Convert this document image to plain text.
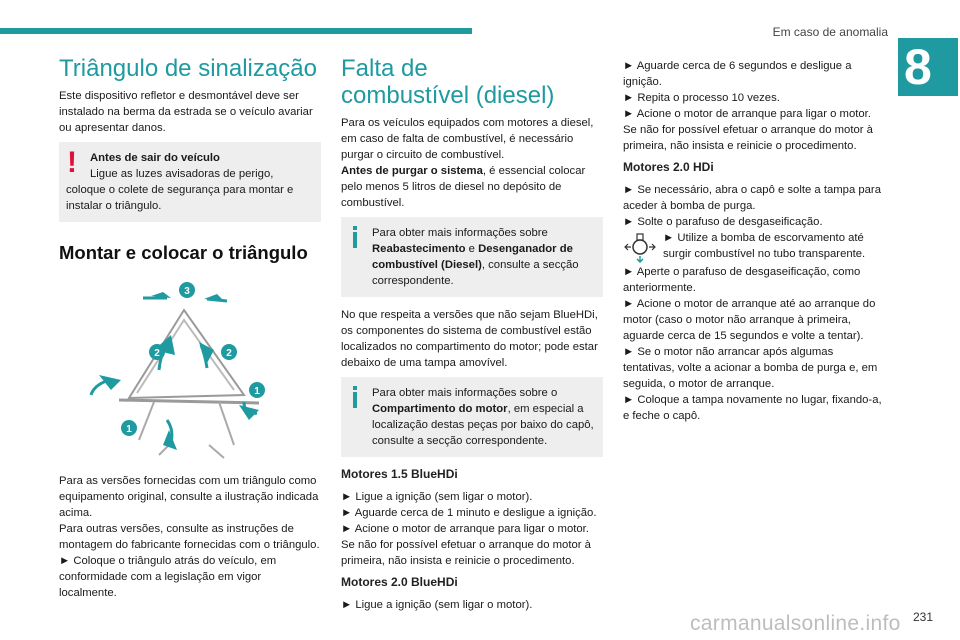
Em caso de anomalia
8
Triângulo de sinalização

Este dispositivo refletor e desmontável deve ser instalado na berma da estrada se o veículo avariar ou apresentar danos.

!	Antes de sair do veículo

Ligue as luzes avisadoras de perigo, coloque o colete de segurança para montar e instalar o triângulo.

Montar e colocar o triângulo
3
2	2
1
1

Para as versões fornecidas com um triângulo como equipamento original, consulte a ilustração indicada acima.

Para outras versões, consulte as instruções de montagem do fabricante fornecidas com o triângulo.

► Coloque o triângulo atrás do veículo, em conformidade com a legislação em vigor localmente.

Falta de combustível (diesel)

Para os veículos equipados com motores a diesel, em caso de falta de combustível, é necessário purgar o circuito de combustível.

Antes de purgar o sistema, é essencial colocar pelo menos 5 litros de diesel no depósito de combustível.

Para obter mais informações sobre Reabastecimento e Desenganador de combustível (Diesel), consulte a secção correspondente.

No que respeita a versões que não sejam BlueHDi, os componentes do sistema de combustível estão localizados no compartimento do motor; pode estar debaixo de uma tampa amovível.

Para obter mais informações sobre o Compartimento do motor, em especial a localização destas peças por baixo do capô, consulte a secção correspondente.

Motores 1.5 BlueHDi

► Ligue a ignição (sem ligar o motor).

► Aguarde cerca de 1 minuto e desligue a ignição.

► Acione o motor de arranque para ligar o motor.

Se não for possível efetuar o arranque do motor à primeira, não insista e reinicie o procedimento.

Motores 2.0 BlueHDi

► Ligue a ignição (sem ligar o motor).

► Aguarde cerca de 6 segundos e desligue a ignição.

► Repita o processo 10 vezes.

► Acione o motor de arranque para ligar o motor.

Se não for possível efetuar o arranque do motor à primeira, não insista e reinicie o procedimento.

Motores 2.0 HDi

► Se necessário, abra o capô e solte a tampa para aceder à bomba de purga.

► Solte o parafuso de desgaseificação.

► Utilize a bomba de escorvamento até surgir combustível no tubo transparente.

► Aperte o parafuso de desgaseificação, como anteriormente.

► Acione o motor de arranque até ao arranque do motor (caso o motor não arranque à primeira, aguarde cerca de 15 segundos e volte a tentar).

► Se o motor não arrancar após algumas tentativas, volte a acionar a bomba de purga e, em seguida, o motor de arranque.

► Coloque a tampa novamente no lugar, fixando-a, e feche o capô.

carmanualsonline.info 231
